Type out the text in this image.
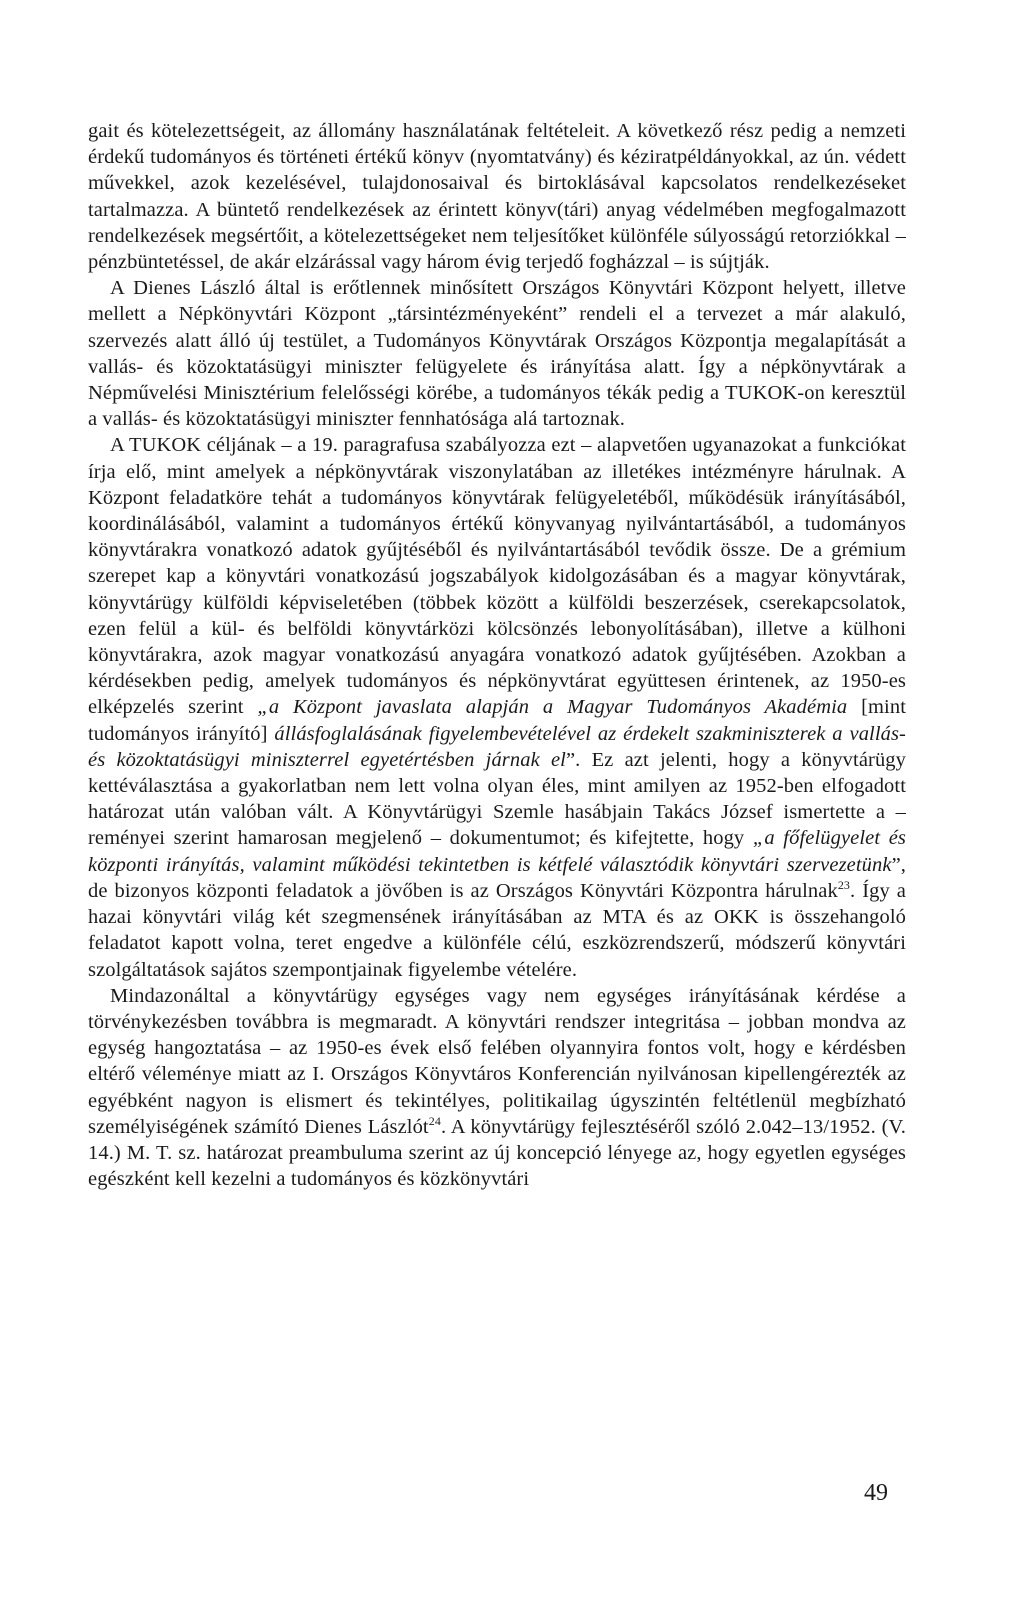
gait és kötelezettségeit, az állomány használatának feltételeit. A következő rész pedig a nemzeti érdekű tudományos és történeti értékű könyv (nyomtatvány) és kéziratpéldányokkal, az ún. védett művekkel, azok kezelésével, tulajdonosaival és birtoklásával kapcsolatos rendelkezéseket tartalmazza. A büntető rendelkezések az érintett könyv(tári) anyag védelmében megfogalmazott rendelkezések megsértőit, a kötelezettségeket nem teljesítőket különféle súlyosságú retorziókkal – pénzbüntetéssel, de akár elzárással vagy három évig terjedő fogházzal – is sújtják.

A Dienes László által is erőtlennek minősített Országos Könyvtári Központ helyett, illetve mellett a Népkönyvtári Központ „társintézményeként” rendeli el a tervezet a már alakuló, szervezés alatt álló új testület, a Tudományos Könyvtárak Országos Központja megalapítását a vallás- és közoktatásügyi miniszter felügyelete és irányítása alatt. Így a népkönyvtárak a Népművelési Minisztérium felelősségi körébe, a tudományos tékák pedig a TUKOK-on keresztül a vallás- és közoktatásügyi miniszter fennhatósága alá tartoznak.

A TUKOK céljának – a 19. paragrafusa szabályozza ezt – alapvetően ugyanazokat a funkciókat írja elő, mint amelyek a népkönyvtárak viszonylatában az illetékes intézményre hárulnak. A Központ feladatköre tehát a tudományos könyvtárak felügyeletéből, működésük irányításából, koordinálásából, valamint a tudományos értékű könyvanyag nyilvántartásából, a tudományos könyvtárakra vonatkozó adatok gyűjtéséből és nyilvántartásából tevődik össze. De a grémium szerepet kap a könyvtári vonatkozású jogszabályok kidolgozásában és a magyar könyvtárak, könyvtárügy külföldi képviseletében (többek között a külföldi beszerzések, cserekapcsolatok, ezen felül a kül- és belföldi könyvtárközi kölcsönzés lebonyolításában), illetve a külhoni könyvtárakra, azok magyar vonatkozású anyagára vonatkozó adatok gyűjtésében. Azokban a kérdésekben pedig, amelyek tudományos és népkönyvtárat együttesen érintenek, az 1950-es elképzelés szerint „a Központ javaslata alapján a Magyar Tudományos Akadémia [mint tudományos irányító] állásfoglalásának figyelembevételével az érdekelt szakminiszterek a vallás- és közoktatásügyi miniszterrel egyetértésben járnak el”. Ez azt jelenti, hogy a könyvtárügy kettéválasztása a gyakorlatban nem lett volna olyan éles, mint amilyen az 1952-ben elfogadott határozat után valóban vált. A Könyvtárügyi Szemle hasábjain Takács József ismertette a – reményei szerint hamarosan megjelenő – dokumentumot; és kifejtette, hogy „a főfelügyelet és központi irányítás, valamint működési tekintetben is kétfelé választódik könyvtári szervezetünk”, de bizonyos központi feladatok a jövőben is az Országos Könyvtári Központra hárulnak$^{23}$. Így a hazai könyvtári világ két szegmensének irányításában az MTA és az OKK is összehangoló feladatot kapott volna, teret engedve a különféle célú, eszközrendszerű, módszerű könyvtári szolgáltatások sajátos szempontjainak figyelembe vételére.

Mindazonáltal a könyvtárügy egységes vagy nem egységes irányításának kérdése a törvénykezésben továbbra is megmaradt. A könyvtári rendszer integritása – jobban mondva az egység hangoztatása – az 1950-es évek első felében olyannyira fontos volt, hogy e kérdésben eltérő véleménye miatt az I. Országos Könyvtáros Konferencián nyilvánosan kipellengérezték az egyébként nagyon is elismert és tekintélyes, politikailag úgyszintén feltétlenül megbízható személyiségének számító Dienes Lászlót$^{24}$. A könyvtárügy fejlesztéséről szóló 2.042–13/1952. (V. 14.) M. T. sz. határozat preambuluma szerint az új koncepció lényege az, hogy egyetlen egységes egészként kell kezelni a tudományos és közkönyvtári

49
